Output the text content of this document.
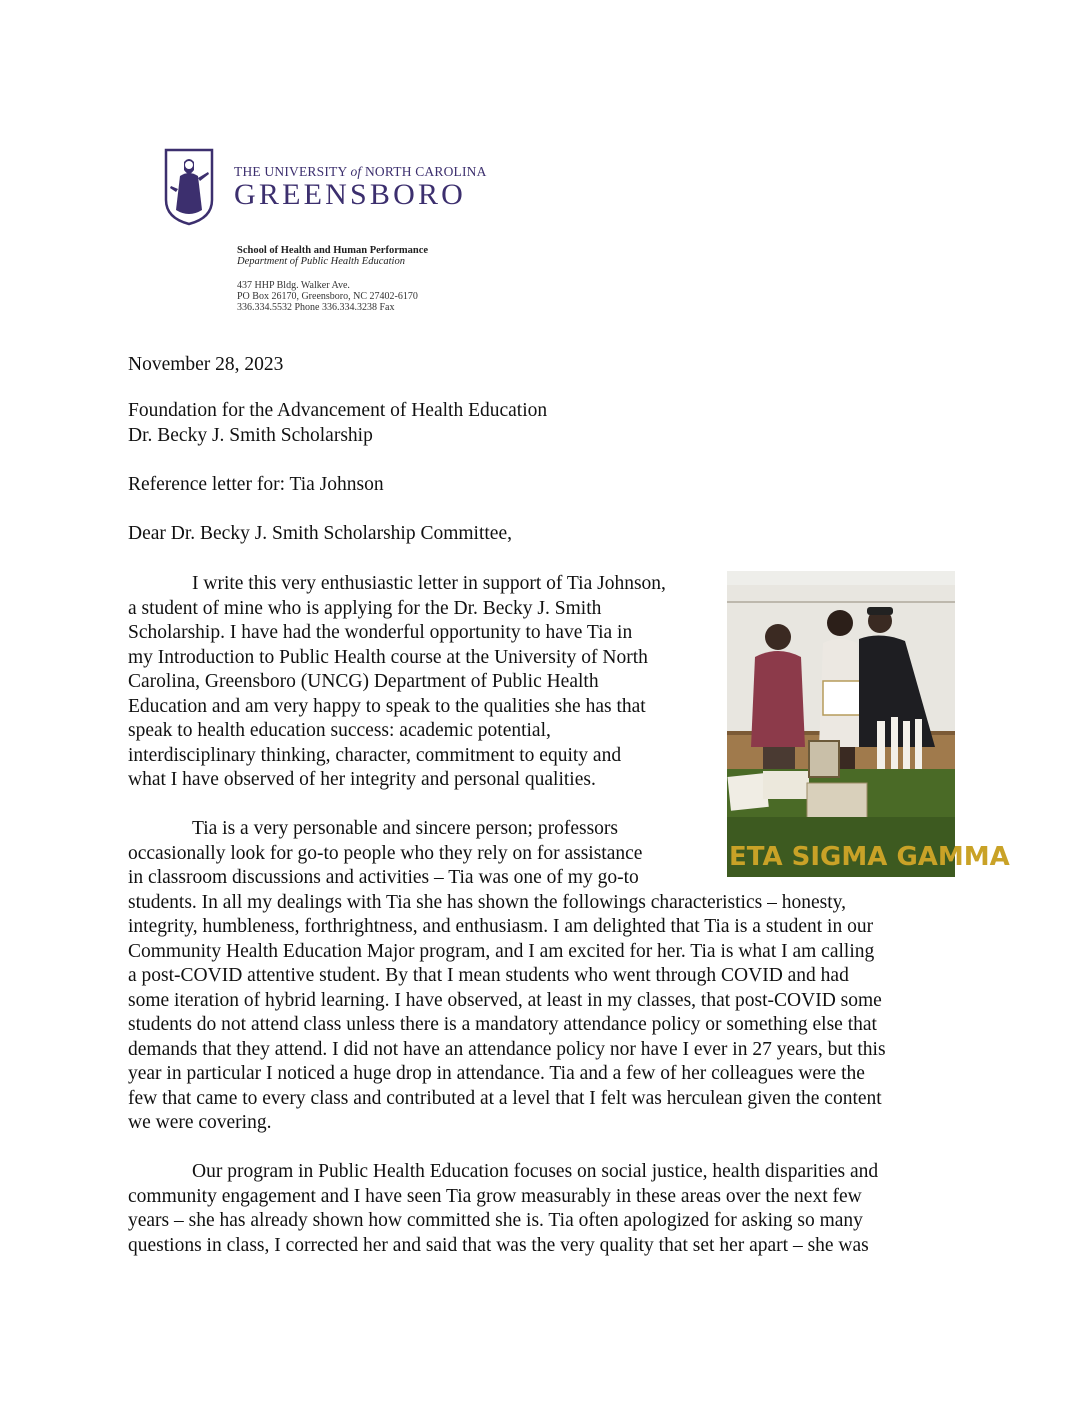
THE UNIVERSITY of NORTH CAROLINA
GREENSBORO
School of Health and Human Performance
Department of Public Health Education
437 HHP Bldg. Walker Ave.
PO Box 26170, Greensboro, NC 27402-6170
336.334.5532 Phone 336.334.3238 Fax
November 28, 2023
Foundation for the Advancement of Health Education
Dr. Becky J. Smith Scholarship
Reference letter for: Tia Johnson
Dear Dr. Becky J. Smith Scholarship Committee,
I write this very enthusiastic letter in support of Tia Johnson,
a student of mine who is applying for the Dr. Becky J. Smith
Scholarship. I have had the wonderful opportunity to have Tia in
my Introduction to Public Health course at the University of North
Carolina, Greensboro (UNCG) Department of Public Health
Education and am very happy to speak to the qualities she has that
speak to health education success: academic potential,
interdisciplinary thinking, character, commitment to equity and
what I have observed of her integrity and personal qualities.
ETA SIGMA GAMMA
Tia is a very personable and sincere person; professors
occasionally look for go-to people who they rely on for assistance
in classroom discussions and activities – Tia was one of my go-to
students. In all my dealings with Tia she has shown the followings characteristics – honesty,
integrity, humbleness, forthrightness, and enthusiasm. I am delighted that Tia is a student in our
Community Health Education Major program, and I am excited for her. Tia is what I am calling
a post-COVID attentive student. By that I mean students who went through COVID and had
some iteration of hybrid learning. I have observed, at least in my classes, that post-COVID some
students do not attend class unless there is a mandatory attendance policy or something else that
demands that they attend. I did not have an attendance policy nor have I ever in 27 years, but this
year in particular I noticed a huge drop in attendance. Tia and a few of her colleagues were the
few that came to every class and contributed at a level that I felt was herculean given the content
we were covering.
Our program in Public Health Education focuses on social justice, health disparities and
community engagement and I have seen Tia grow measurably in these areas over the next few
years – she has already shown how committed she is. Tia often apologized for asking so many
questions in class, I corrected her and said that was the very quality that set her apart – she was
